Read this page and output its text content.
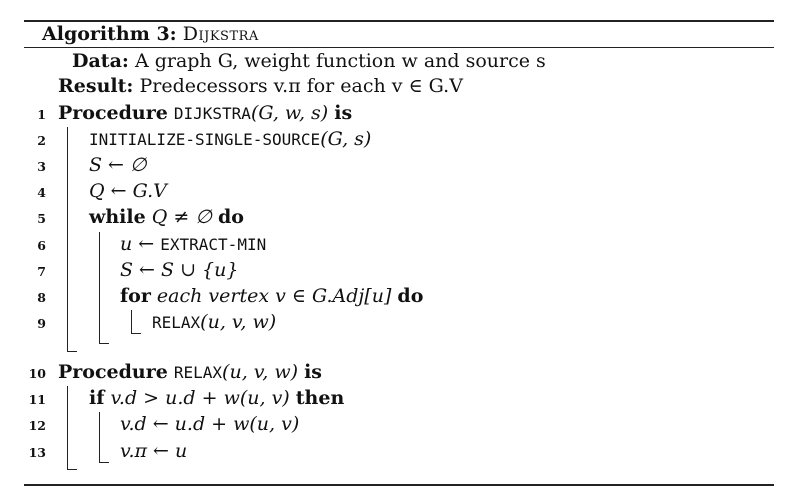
Algorithm 3: Dijkstra
Data: A graph G, weight function w and source s
Result: Predecessors v.π for each v ∈ G.V
1 Procedure DIJKSTRA(G, w, s) is
2	INITIALIZE-SINGLE-SOURCE(G, s)
3 S ← ∅
4 Q ← G.V
5 while Q ≠ ∅ do
6	u ← EXTRACT-MIN
7	S ← S ∪ {u}
8	for each vertex v ∈ G.Adj[u] do
9	RELAX(u, v, w)
10 Procedure RELAX(u, v, w) is
11 if v.d > u.d + w(u, v) then
12	v.d ← u.d + w(u, v)
13	v.π ← u
